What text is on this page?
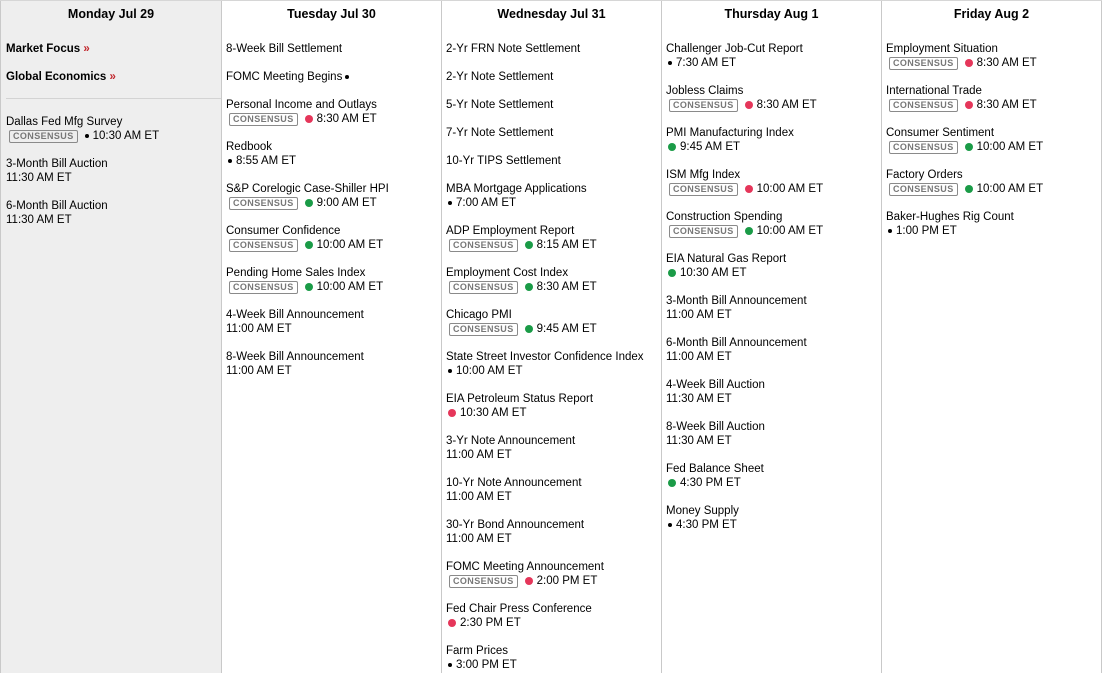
Monday Jul 29
Market Focus »
Global Economics »
Dallas Fed Mfg Survey
CONSENSUS	10:30 AM ET
3-Month Bill Auction
11:30 AM ET
6-Month Bill Auction
11:30 AM ET
Tuesday Jul 30
8-Week Bill Settlement
FOMC Meeting Begins
Personal Income and Outlays
CONSENSUS	8:30 AM ET
Redbook
8:55 AM ET
S&P Corelogic Case-Shiller HPI
CONSENSUS	9:00 AM ET
Consumer Confidence
CONSENSUS	10:00 AM ET
Pending Home Sales Index
CONSENSUS	10:00 AM ET
4-Week Bill Announcement
11:00 AM ET
8-Week Bill Announcement
11:00 AM ET
Wednesday Jul 31
2-Yr FRN Note Settlement
2-Yr Note Settlement
5-Yr Note Settlement
7-Yr Note Settlement
10-Yr TIPS Settlement
MBA Mortgage Applications
7:00 AM ET
ADP Employment Report
CONSENSUS	8:15 AM ET
Employment Cost Index
CONSENSUS	8:30 AM ET
Chicago PMI
CONSENSUS	9:45 AM ET
State Street Investor Confidence Index
10:00 AM ET
EIA Petroleum Status Report
10:30 AM ET
3-Yr Note Announcement
11:00 AM ET
10-Yr Note Announcement
11:00 AM ET
30-Yr Bond Announcement
11:00 AM ET
FOMC Meeting Announcement
CONSENSUS	2:00 PM ET
Fed Chair Press Conference
2:30 PM ET
Farm Prices
3:00 PM ET
Thursday Aug 1
Challenger Job-Cut Report
7:30 AM ET
Jobless Claims
CONSENSUS	8:30 AM ET
PMI Manufacturing Index
9:45 AM ET
ISM Mfg Index
CONSENSUS	10:00 AM ET
Construction Spending
CONSENSUS	10:00 AM ET
EIA Natural Gas Report
10:30 AM ET
3-Month Bill Announcement
11:00 AM ET
6-Month Bill Announcement
11:00 AM ET
4-Week Bill Auction
11:30 AM ET
8-Week Bill Auction
11:30 AM ET
Fed Balance Sheet
4:30 PM ET
Money Supply
4:30 PM ET
Friday Aug 2
Employment Situation
CONSENSUS	8:30 AM ET
International Trade
CONSENSUS	8:30 AM ET
Consumer Sentiment
CONSENSUS	10:00 AM ET
Factory Orders
CONSENSUS	10:00 AM ET
Baker-Hughes Rig Count
1:00 PM ET
